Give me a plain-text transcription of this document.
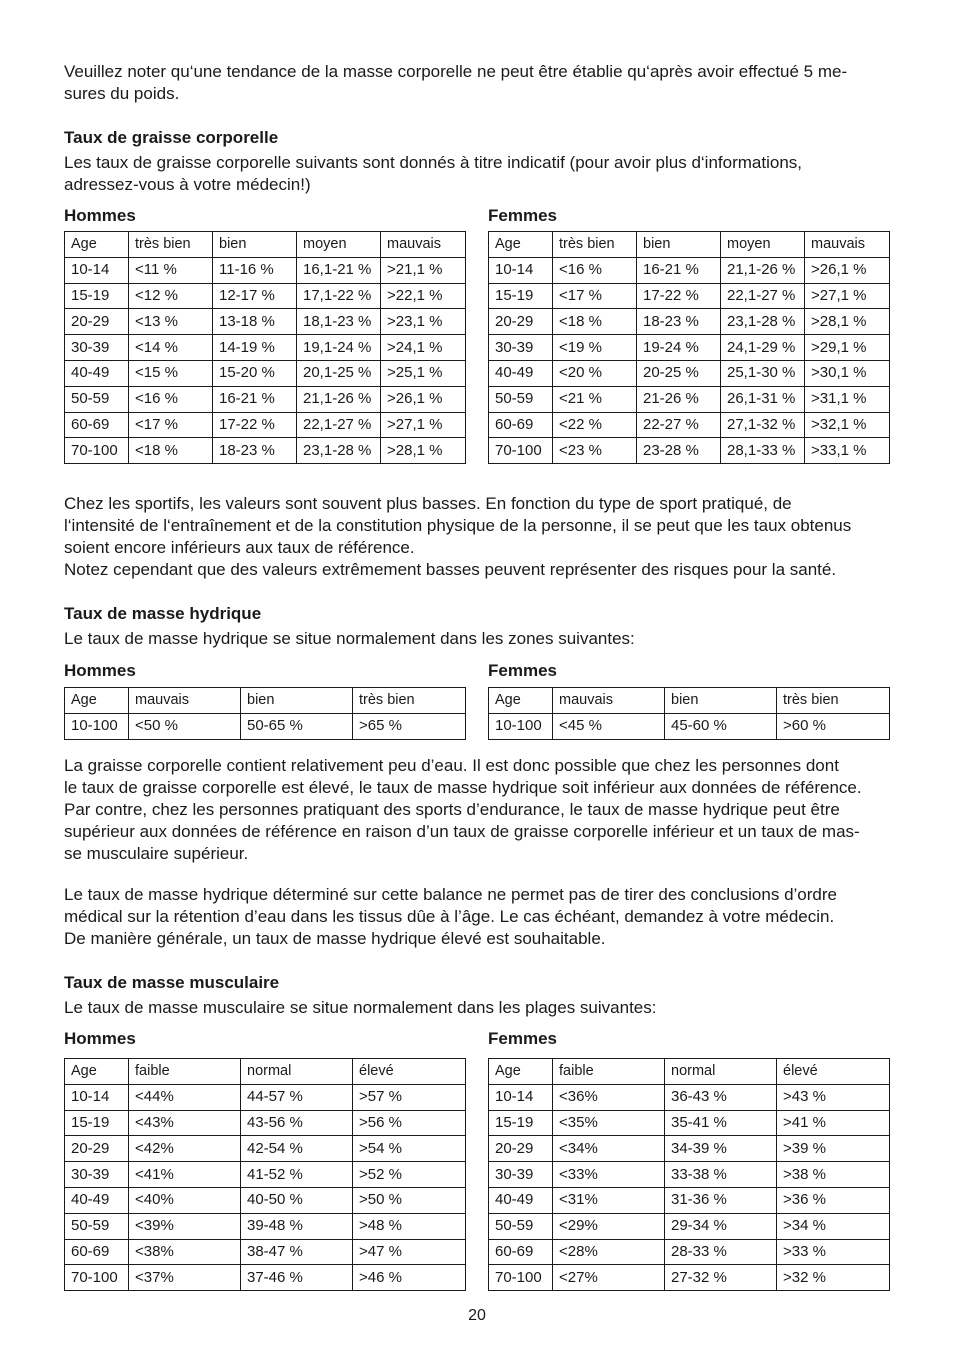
Veuillez noter qu‘une tendance de la masse corporelle ne peut être établie qu‘après avoir effectué 5 me-
sures du poids.

Taux de graisse corporelle

Les taux de graisse corporelle suivants sont donnés à titre indicatif (pour avoir plus d‘informations,
adressez-vous à votre médecin!)

Hommes	Femmes
Age	très bien	bien	moyen	mauvais
10-14	<11 %	11-16 %	16,1-21 %	>21,1 %
15-19	<12 %	12-17 %	17,1-22 %	>22,1 %
20-29	<13 %	13-18 %	18,1-23 %	>23,1 %
30-39	<14 %	14-19 %	19,1-24 %	>24,1 %
40-49	<15 %	15-20 %	20,1-25 %	>25,1 %
50-59	<16 %	16-21 %	21,1-26 %	>26,1 %
60-69	<17 %	17-22 %	22,1-27 %	>27,1 %
70-100	<18 %	18-23 %	23,1-28 %	>28,1 %
Age	très bien	bien	moyen	mauvais
10-14	<16 %	16-21 %	21,1-26 %	>26,1 %
15-19	<17 %	17-22 %	22,1-27 %	>27,1 %
20-29	<18 %	18-23 %	23,1-28 %	>28,1 %
30-39	<19 %	19-24 %	24,1-29 %	>29,1 %
40-49	<20 %	20-25 %	25,1-30 %	>30,1 %
50-59	<21 %	21-26 %	26,1-31 %	>31,1 %
60-69	<22 %	22-27 %	27,1-32 %	>32,1 %
70-100	<23 %	23-28 %	28,1-33 %	>33,1 %

Chez les sportifs, les valeurs sont souvent plus basses. En fonction du type de sport pratiqué, de
l‘intensité de l‘entraînement et de la constitution physique de la personne, il se peut que les taux obtenus
soient encore inférieurs aux taux de référence.
Notez cependant que des valeurs extrêmement basses peuvent représenter des risques pour la santé.

Taux de masse hydrique

Le taux de masse hydrique se situe normalement dans les zones suivantes:

Hommes	Femmes
Age	mauvais	bien	très bien
10-100	<50 %	50-65 %	>65 %
Age	mauvais	bien	très bien
10-100	<45 %	45-60 %	>60 %

La graisse corporelle contient relativement peu d’eau. Il est donc possible que chez les personnes dont
le taux de graisse corporelle est élevé, le taux de masse hydrique soit inférieur aux données de référence.
Par contre, chez les personnes pratiquant des sports d’endurance, le taux de masse hydrique peut être
supérieur aux données de référence en raison d’un taux de graisse corporelle inférieur et un taux de mas-
se musculaire supérieur.

Le taux de masse hydrique déterminé sur cette balance ne permet pas de tirer des conclusions d’ordre
médical sur la rétention d’eau dans les tissus dûe à l’âge. Le cas échéant, demandez à votre médecin.
De manière générale, un taux de masse hydrique élevé est souhaitable.

Taux de masse musculaire

Le taux de masse musculaire se situe normalement dans les plages suivantes:

Hommes	Femmes
Age	faible	normal	élevé
10-14	<44%	44-57 %	>57 %
15-19	<43%	43-56 %	>56 %
20-29	<42%	42-54 %	>54 %
30-39	<41%	41-52 %	>52 %
40-49	<40%	40-50 %	>50 %
50-59	<39%	39-48 %	>48 %
60-69	<38%	38-47 %	>47 %
70-100	<37%	37-46 %	>46 %
Age	faible	normal	élevé
10-14	<36%	36-43 %	>43 %
15-19	<35%	35-41 %	>41 %
20-29	<34%	34-39 %	>39 %
30-39	<33%	33-38 %	>38 %
40-49	<31%	31-36 %	>36 %
50-59	<29%	29-34 %	>34 %
60-69	<28%	28-33 %	>33 %
70-100	<27%	27-32 %	>32 %
20
